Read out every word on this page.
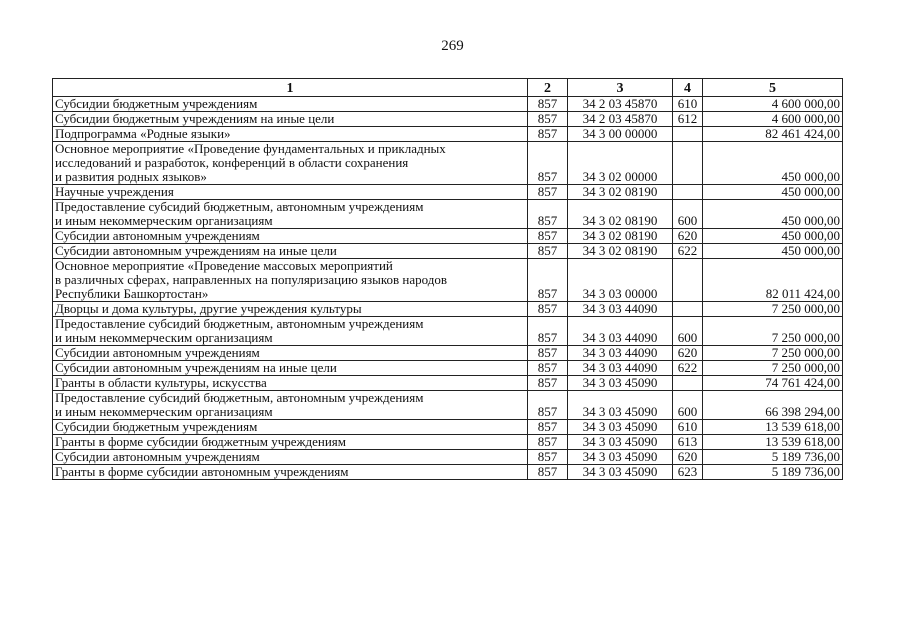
269
1	2	3	4	5

Субсидии бюджетным учреждениям	857	34 2 03 45870	610	4 600 000,00

Субсидии бюджетным учреждениям на иные цели	857	34 2 03 45870	612	4 600 000,00

Подпрограмма «Родные языки»	857	34 3 00 00000		82 461 424,00

Основное мероприятие «Проведение фундаментальных и прикладных
исследований и разработок, конференций в области сохранения
и развития родных языков»	857	34 3 02 00000		450 000,00

Научные учреждения	857	34 3 02 08190		450 000,00

Предоставление субсидий бюджетным, автономным учреждениям
и иным некоммерческим организациям	857	34 3 02 08190	600	450 000,00

Субсидии автономным учреждениям	857	34 3 02 08190	620	450 000,00

Субсидии автономным учреждениям на иные цели	857	34 3 02 08190	622	450 000,00

Основное мероприятие «Проведение массовых мероприятий
в различных сферах, направленных на популяризацию языков народов
Республики Башкортостан»	857	34 3 03 00000		82 011 424,00

Дворцы и дома культуры, другие учреждения культуры	857	34 3 03 44090		7 250 000,00

Предоставление субсидий бюджетным, автономным учреждениям
и иным некоммерческим организациям	857	34 3 03 44090	600	7 250 000,00

Субсидии автономным учреждениям	857	34 3 03 44090	620	7 250 000,00

Субсидии автономным учреждениям на иные цели	857	34 3 03 44090	622	7 250 000,00

Гранты в области культуры, искусства	857	34 3 03 45090		74 761 424,00

Предоставление субсидий бюджетным, автономным учреждениям
и иным некоммерческим организациям	857	34 3 03 45090	600	66 398 294,00

Субсидии бюджетным учреждениям	857	34 3 03 45090	610	13 539 618,00

Гранты в форме субсидии бюджетным учреждениям	857	34 3 03 45090	613	13 539 618,00

Субсидии автономным учреждениям	857	34 3 03 45090	620	5 189 736,00

Гранты в форме субсидии автономным учреждениям	857	34 3 03 45090	623	5 189 736,00
